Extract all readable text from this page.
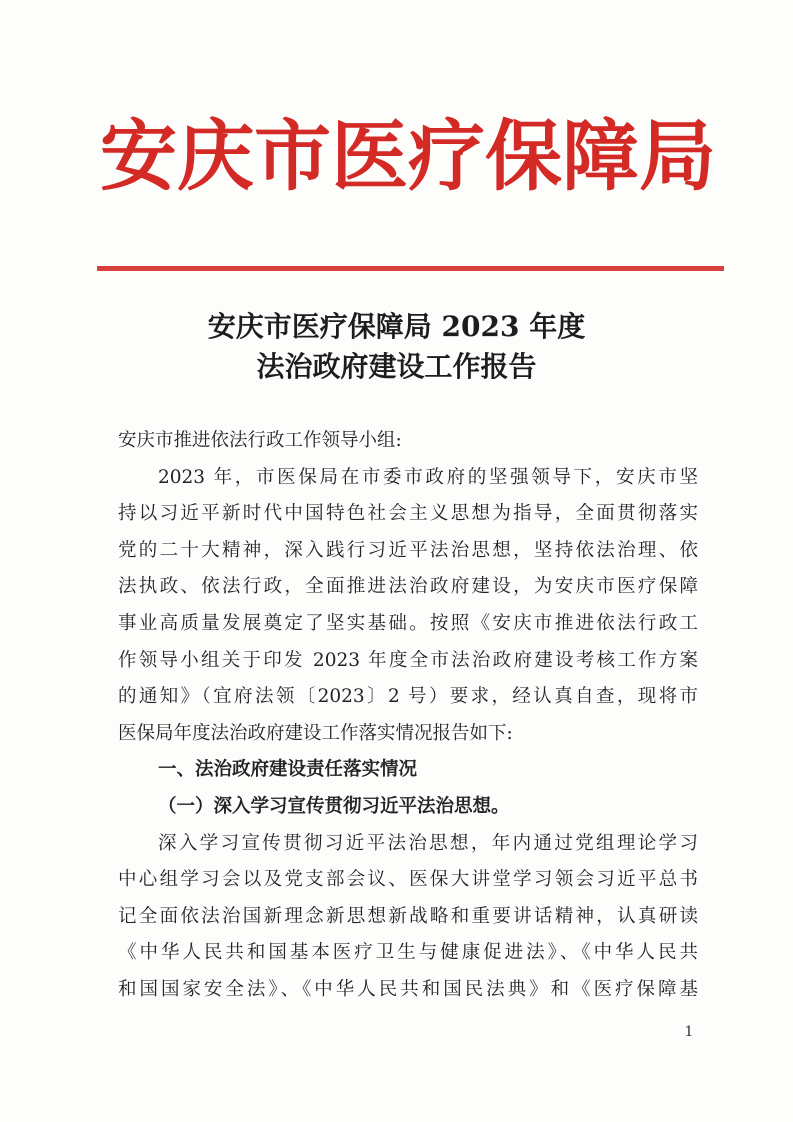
安庆市医疗保障局
安庆市医疗保障局 2023 年度
法治政府建设工作报告
安庆市推进依法行政工作领导小组:
2023 年，市医保局在市委市政府的坚强领导下，安庆市坚
持以习近平新时代中国特色社会主义思想为指导，全面贯彻落实
党的二十大精神，深入践行习近平法治思想，坚持依法治理、依
法执政、依法行政，全面推进法治政府建设，为安庆市医疗保障
事业高质量发展奠定了坚实基础。按照《安庆市推进依法行政工
作领导小组关于印发 2023 年度全市法治政府建设考核工作方案
的通知》（宜府法领〔2023〕2 号）要求，经认真自查，现将市
医保局年度法治政府建设工作落实情况报告如下:
一、法治政府建设责任落实情况
（一）深入学习宣传贯彻习近平法治思想。
深入学习宣传贯彻习近平法治思想，年内通过党组理论学习
中心组学习会以及党支部会议、医保大讲堂学习领会习近平总书
记全面依法治国新理念新思想新战略和重要讲话精神，认真研读
《中华人民共和国基本医疗卫生与健康促进法》、《中华人民共
和国国家安全法》、《中华人民共和国民法典》和《医疗保障基
1
